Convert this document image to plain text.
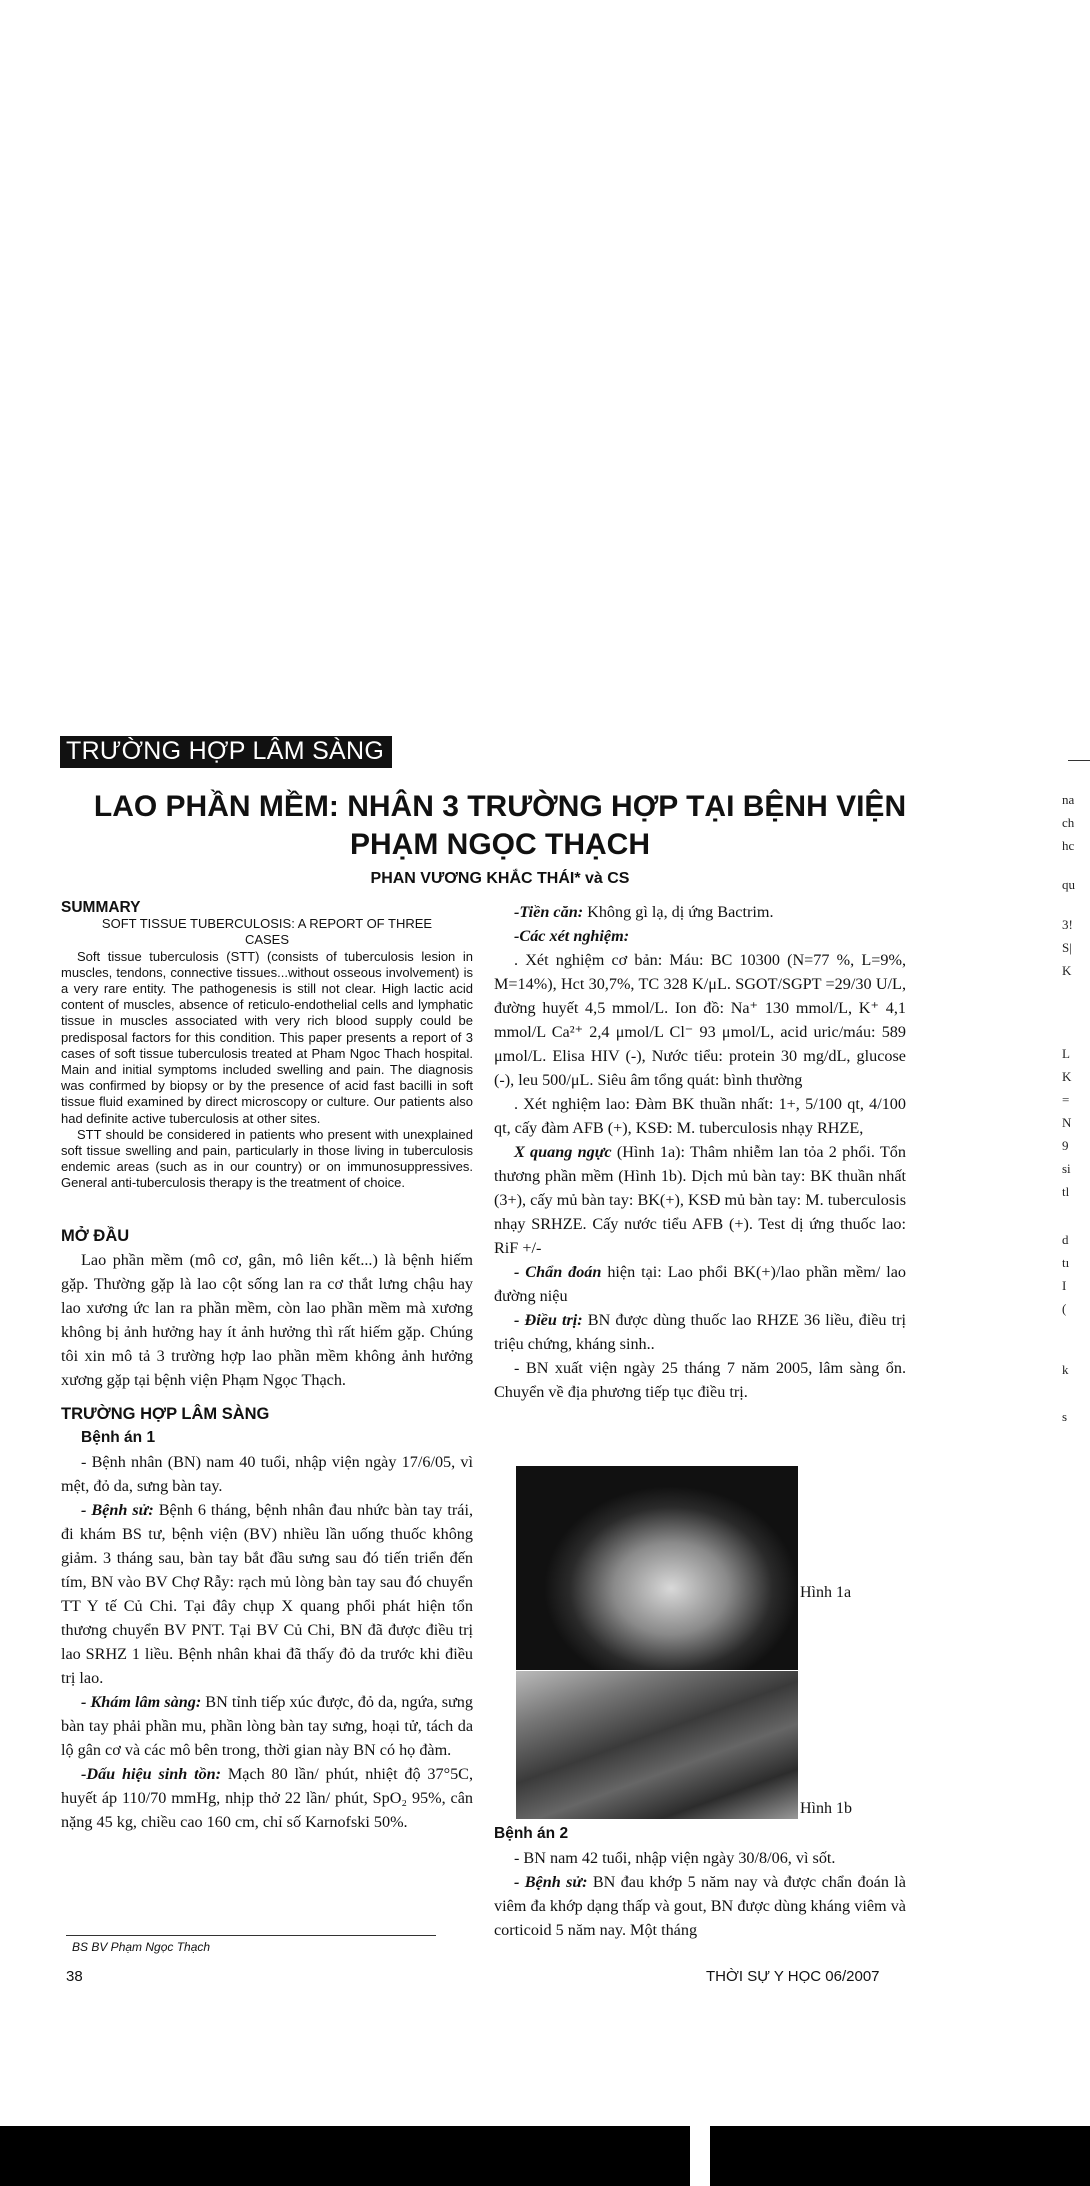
TRƯỜNG HỢP LÂM SÀNG
LAO PHẦN MỀM: NHÂN 3 TRƯỜNG HỢP TẠI BỆNH VIỆN
PHẠM NGỌC THẠCH
PHAN VƯƠNG KHẮC THÁI* và CS

SUMMARY

SOFT TISSUE TUBERCULOSIS: A REPORT OF THREE CASES

Soft tissue tuberculosis (STT) (consists of tuberculosis lesion in muscles, tendons, connective tissues...without osseous involvement) is a very rare entity. The pathogenesis is still not clear. High lactic acid content of muscles, absence of reticulo-endothelial cells and lymphatic tissue in muscles associated with very rich blood supply could be predisposal factors for this condition. This paper presents a report of 3 cases of soft tissue tuberculosis treated at Pham Ngoc Thach hospital. Main and initial symptoms included swelling and pain. The diagnosis was confirmed by biopsy or by the presence of acid fast bacilli in soft tissue fluid examined by direct microscopy or culture. Our patients also had definite active tuberculosis at other sites.

STT should be considered in patients who present with unexplained soft tissue swelling and pain, particularly in those living in tuberculosis endemic areas (such as in our country) or on immunosuppressives. General anti-tuberculosis therapy is the treatment of choice.

MỞ ĐẦU

Lao phần mềm (mô cơ, gân, mô liên kết...) là bệnh hiếm gặp. Thường gặp là lao cột sống lan ra cơ thắt lưng chậu hay lao xương ức lan ra phần mềm, còn lao phần mềm mà xương không bị ảnh hưởng hay ít ảnh hưởng thì rất hiếm gặp. Chúng tôi xin mô tả 3 trường hợp lao phần mềm không ảnh hưởng xương gặp tại bệnh viện Phạm Ngọc Thạch.

TRƯỜNG HỢP LÂM SÀNG

Bệnh án 1

- Bệnh nhân (BN) nam 40 tuổi, nhập viện ngày 17/6/05, vì mệt, đỏ da, sưng bàn tay.

- Bệnh sử: Bệnh 6 tháng, bệnh nhân đau nhức bàn tay trái, đi khám BS tư, bệnh viện (BV) nhiều lần uống thuốc không giảm. 3 tháng sau, bàn tay bắt đầu sưng sau đó tiến triển đến tím, BN vào BV Chợ Rẫy: rạch mủ lòng bàn tay sau đó chuyển TT Y tế Củ Chi. Tại đây chụp X quang phổi phát hiện tổn thương chuyển BV PNT. Tại BV Củ Chi, BN đã được điều trị lao SRHZ 1 liều. Bệnh nhân khai đã thấy đỏ da trước khi điều trị lao.

- Khám lâm sàng: BN tỉnh tiếp xúc được, đỏ da, ngứa, sưng bàn tay phải phần mu, phần lòng bàn tay sưng, hoại tử, tách da lộ gân cơ và các mô bên trong, thời gian này BN có họ đàm.

-Dấu hiệu sinh tồn: Mạch 80 lần/ phút, nhiệt độ 37°5C, huyết áp 110/70 mmHg, nhịp thở 22 lần/ phút, SpO₂ 95%, cân nặng 45 kg, chiều cao 160 cm, chỉ số Karnofski 50%.

-Tiền căn: Không gì lạ, dị ứng Bactrim.

-Các xét nghiệm:

. Xét nghiệm cơ bản: Máu: BC 10300 (N=77 %, L=9%, M=14%), Hct 30,7%, TC 328 K/μL. SGOT/SGPT =29/30 U/L, đường huyết 4,5 mmol/L. Ion đồ: Na⁺ 130 mmol/L, K⁺ 4,1 mmol/L Ca²⁺ 2,4 μmol/L Cl⁻ 93 μmol/L, acid uric/máu: 589 μmol/L. Elisa HIV (-), Nước tiểu: protein 30 mg/dL, glucose (-), leu 500/μL. Siêu âm tổng quát: bình thường

. Xét nghiệm lao: Đàm BK thuần nhất: 1+, 5/100 qt, 4/100 qt, cấy đàm AFB (+), KSĐ: M. tuberculosis nhạy RHZE,

X quang ngực (Hình 1a): Thâm nhiễm lan tỏa 2 phổi. Tổn thương phần mềm (Hình 1b). Dịch mủ bàn tay: BK thuần nhất (3+), cấy mủ bàn tay: BK(+), KSĐ mủ bàn tay: M. tuberculosis nhạy SRHZE. Cấy nước tiểu AFB (+). Test dị ứng thuốc lao: RiF +/-

- Chẩn đoán hiện tại: Lao phổi BK(+)/lao phần mềm/ lao đường niệu

- Điều trị: BN được dùng thuốc lao RHZE 36 liều, điều trị triệu chứng, kháng sinh..

- BN xuất viện ngày 25 tháng 7 năm 2005, lâm sàng ổn. Chuyển về địa phương tiếp tục điều trị.

Hình 1a
Hình 1b

Bệnh án 2

- BN nam 42 tuổi, nhập viện ngày 30/8/06, vì sốt.

- Bệnh sử: BN đau khớp 5 năm nay và được chẩn đoán là viêm đa khớp dạng thấp và gout, BN được dùng kháng viêm và corticoid 5 năm nay. Một tháng

BS BV Phạm Ngọc Thạch
38	THỜI SỰ Y HỌC 06/2007
na
ch
hc
qu
3!
S|
K
L
K
=
N
9
si
tl
d
tı
I
(
k
s
